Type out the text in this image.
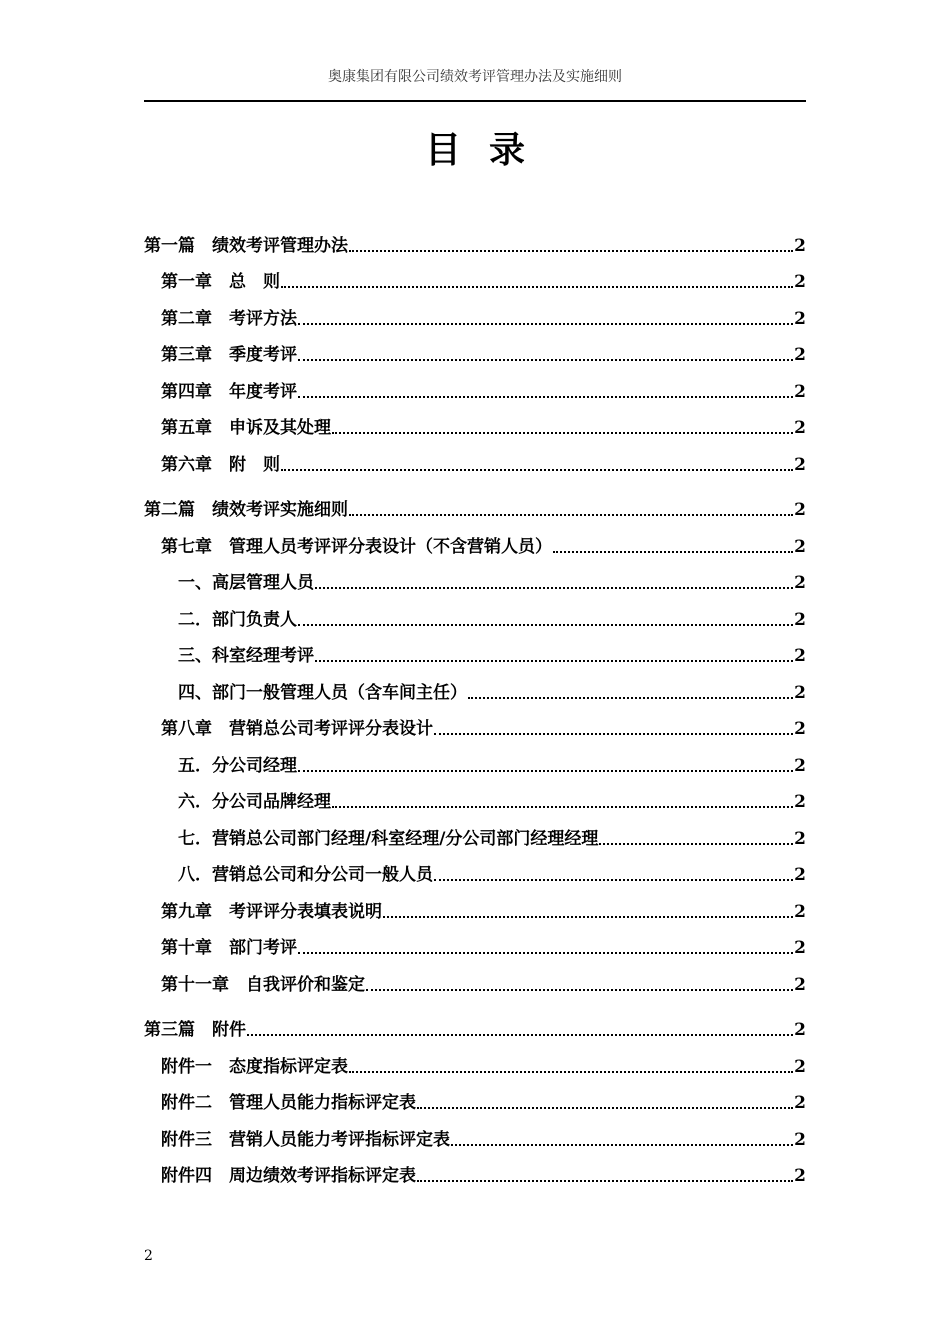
奥康集团有限公司绩效考评管理办法及实施细则
目录
第一篇　绩效考评管理办法	2
第一章　总　则	2
第二章　考评方法	2
第三章　季度考评	2
第四章　年度考评	2
第五章　申诉及其处理	2
第六章　附　则	2
第二篇　绩效考评实施细则	2
第七章　管理人员考评评分表设计（不含营销人员）	2
一、高层管理人员	2
二．部门负责人	2
三、科室经理考评	2
四、部门一般管理人员（含车间主任）	2
第八章　营销总公司考评评分表设计	2
五．分公司经理	2
六．分公司品牌经理	2
七．营销总公司部门经理/科室经理/分公司部门经理经理	2
八．营销总公司和分公司一般人员	2
第九章　考评评分表填表说明	2
第十章　部门考评	2
第十一章　自我评价和鉴定	2
第三篇　附件	2
附件一　态度指标评定表	2
附件二　管理人员能力指标评定表	2
附件三　营销人员能力考评指标评定表	2
附件四　周边绩效考评指标评定表	2
2
